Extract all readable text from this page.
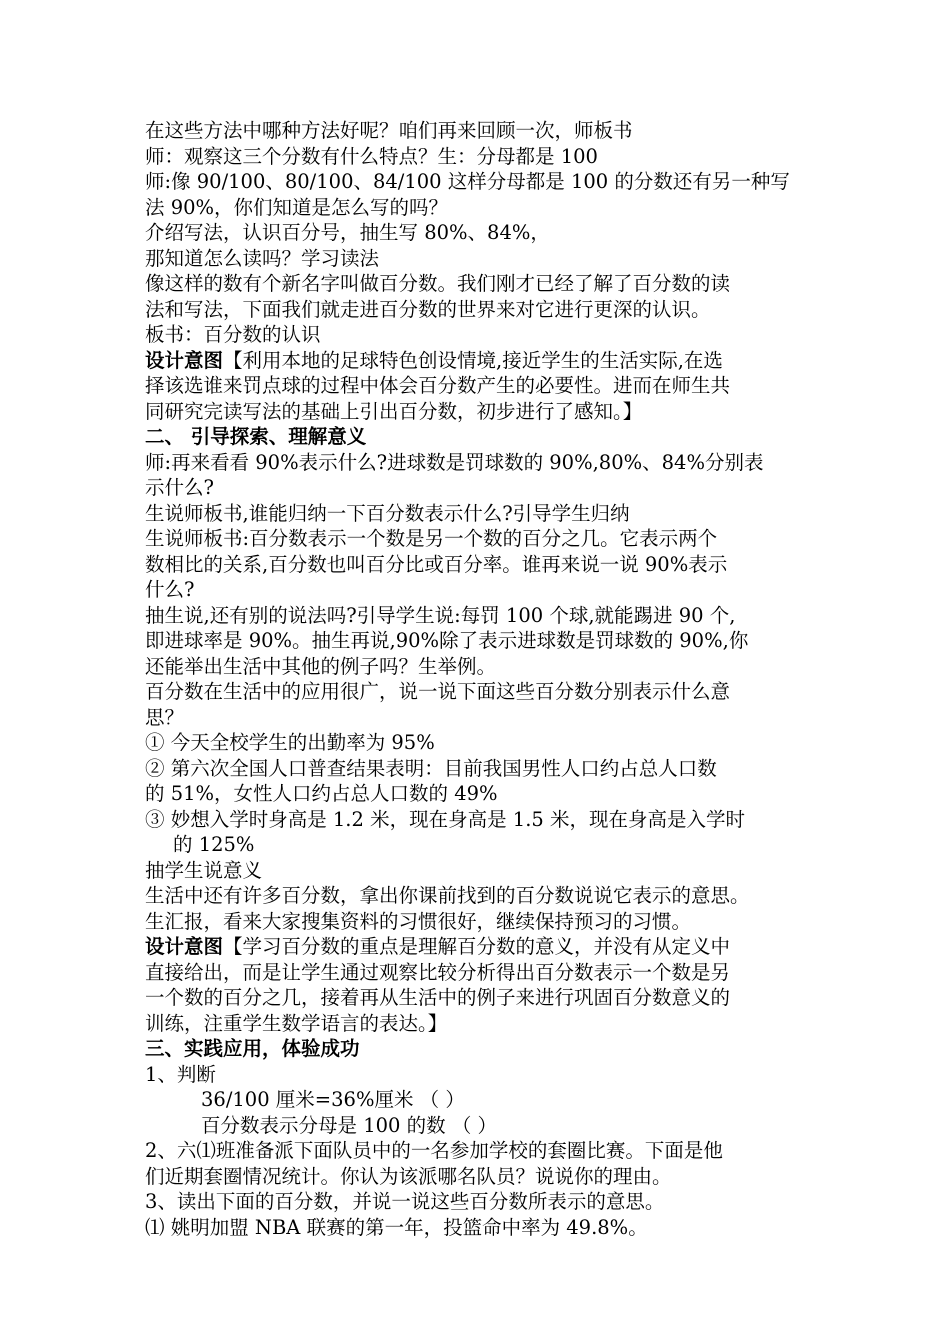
在这些方法中哪种方法好呢？咱们再来回顾一次，师板书
师：观察这三个分数有什么特点？生：分母都是 100
师:像 90/100、80/100、84/100 这样分母都是 100 的分数还有另一种写
法 90%，你们知道是怎么写的吗？
介绍写法，认识百分号，抽生写 80%、84%，
那知道怎么读吗？学习读法
像这样的数有个新名字叫做百分数。我们刚才已经了解了百分数的读
法和写法，下面我们就走进百分数的世界来对它进行更深的认识。
板书：百分数的认识
设计意图【利用本地的足球特色创设情境,接近学生的生活实际,在选
择该选谁来罚点球的过程中体会百分数产生的必要性。进而在师生共
同研究完读写法的基础上引出百分数，初步进行了感知。】
二、 引导探索、理解意义
师:再来看看 90%表示什么?进球数是罚球数的 90%,80%、84%分别表
示什么?
生说师板书,谁能归纳一下百分数表示什么?引导学生归纳
生说师板书:百分数表示一个数是另一个数的百分之几。它表示两个
数相比的关系,百分数也叫百分比或百分率。谁再来说一说 90%表示
什么?
抽生说,还有别的说法吗?引导学生说:每罚 100 个球,就能踢进 90 个,
即进球率是 90%。抽生再说,90%除了表示进球数是罚球数的 90%,你
还能举出生活中其他的例子吗？生举例。
百分数在生活中的应用很广，说一说下面这些百分数分别表示什么意
思？
① 今天全校学生的出勤率为 95%
② 第六次全国人口普查结果表明：目前我国男性人口约占总人口数
的 51%，女性人口约占总人口数的 49%
③ 妙想入学时身高是 1.2 米，现在身高是 1.5 米，现在身高是入学时
的 125%
抽学生说意义
生活中还有许多百分数，拿出你课前找到的百分数说说它表示的意思。
生汇报，看来大家搜集资料的习惯很好，继续保持预习的习惯。
设计意图【学习百分数的重点是理解百分数的意义，并没有从定义中
直接给出，而是让学生通过观察比较分析得出百分数表示一个数是另
一个数的百分之几，接着再从生活中的例子来进行巩固百分数意义的
训练，注重学生数学语言的表达。】
三、实践应用，体验成功
1、判断
36/100 厘米=36%厘米 （ ）
百分数表示分母是 100 的数 （ ）
2、六⑴班准备派下面队员中的一名参加学校的套圈比赛。下面是他
们近期套圈情况统计。你认为该派哪名队员？说说你的理由。
3、读出下面的百分数，并说一说这些百分数所表示的意思。
⑴ 姚明加盟 NBA 联赛的第一年，投篮命中率为 49.8%。
